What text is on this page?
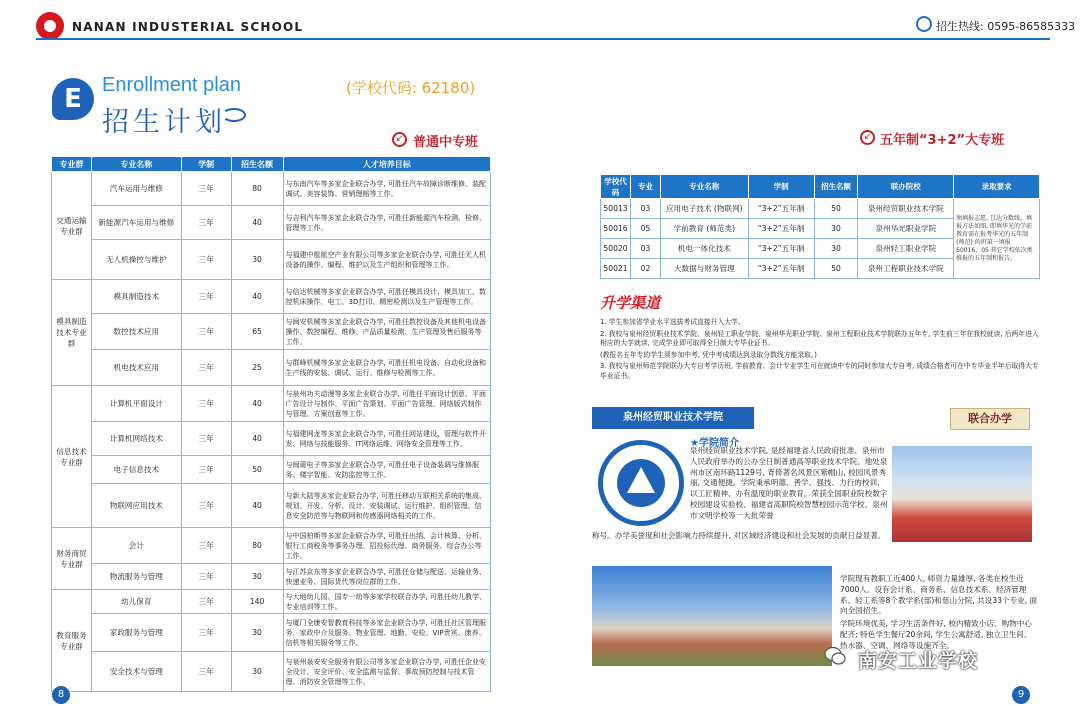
NANAN INDUSTERIAL SCHOOL	招生热线: 0595-86585333
E	Enrollment plan
招生计划
(学校代码: 62180)
↙ 普通中专班
专业群	专业名称	学制	招生名额	人才培养目标
交通运输专业群	汽车运用与维修	三年	80	与东南汽车等多家企业联合办学, 可胜任汽车故障诊断维修、装配调试、美容装饰、营销理赔等工作。
	新能源汽车运用与维修	三年	40	与吉利汽车等多家企业联合办学, 可胜任新能源汽车检测、检修、管理等工作。
	无人机操控与维护	三年	30	与福建中航航空产业有限公司等多家企业联合办学, 可胜任无人机设备的操作、编程、维护以及生产组织和管理等工作。
模具制造技术专业群	模具制造技术	三年	40	与信达机械等多家企业联合办学, 可胜任模具设计、模具加工、数控机床操作、电工、3D打印、精密检测以及生产管理等工作。
	数控技术应用	三年	65	与闽安机械等多家企业联合办学, 可胜任数控设备及其他机电设备操作、数控编程、维修、产品质量检测、生产管理及售后服务等工作。
	机电技术应用	三年	25	与群峰机械等多家企业联合办学, 可胜任机电设备、自动化设备和生产线的安装、调试、运行、维修与检测等工作。
信息技术专业群	计算机平面设计	三年	40	与泉州功夫动漫等多家企业联合办学, 可胜任平面设计创意、平面广告设计与制作、平面广告策划、平面广告管理、网络版式制作与管理、方案创意等工作。
	计算机网络技术	三年	40	与福建网龙等多家企业联合办学, 可胜任网站建设、管理与软件开发、网络与技能服务、IT网络运维、网络安全管理等工作。
	电子信息技术	三年	50	与闽莆电子等多家企业联合办学, 可胜任电子设备装调与维修服务、楼宇智能、安防监控等工作。
	物联网应用技术	三年	40	与新大陆等多家企业联合办学, 可胜任移动互联相关系统的集成、规划、开发、分析、设计、安装调试、运行维护、组织管理、信息安全防范等与物联网和传感器网络相关的工作。
财务商贸专业群	会计	三年	80	与中国柏斯等多家企业联合办学, 可胜任出纳、会计核算、分析、银行工商税务等事务办理、招投标代理、商务服务、综合办公等工作。
	物流服务与管理	三年	30	与江苏京东等多家企业联合办学, 可胜任仓储与配送、运输业务、快递业务、国际货代等岗位群的工作。
教育服务专业群	幼儿保育	三年	140	与大地幼儿园、国专一幼等多家学校联合办学, 可胜任幼儿教学、专业培训等工作。
	家政服务与管理	三年	30	与厦门全康安智教育科技等多家企业联合办学, 可胜任社区管理服务、家政中介及服务、物业管理、地勤、安检、VIP贵宾、康养、信机等相关服务等工作。
	安全技术与管理	三年	30	与泉州泉安安全服务有限公司等多家企业联合办学, 可胜任企业安全设计、安全评价、安全监测与监督、事故预防控制与技术管理、消防安全管理等工作。
↙ 五年制“3+2”大专班
学校代码	专业	专业名称	学制	招生名额	联办院校	录取要求
50013	03	应用电子技术 (物联网)	“3+2”五年制	50	泉州经贸职业技术学院	须填报志愿, 且达分数线。填报方法如图, 即填华光的学前教育需在报考华光的五年制 (师范) 的班第一填报 50016、05 其它学校依次类推报的五年制和报告。
50016	05	学前教育 (师范类)	“3+2”五年制	30	泉州华光职业学院	
50020	03	机电一体化技术	“3+2”五年制	30	泉州轻工职业学院	
50021	02	大数据与财务管理	“3+2”五年制	50	泉州工程职业技术学院	
升学渠道

1. 学生参加省学业水平选拔考试直接升入大学。

2. 我校与泉州经贸职业技术学院、泉州轻工职业学院、泉州华光职业学院、泉州工程职业技术学院联办五年专, 学生前三年在我校就读, 后两年进入相应的大学就读, 完成学业即可取得全日制大专毕业证书。

(教报名五年专的学生须参加中考, 凭中考成绩达到录取分数线方能录取。)

3. 我校与泉州师范学院联办大专自考学历班, 学前教育、会计专业学生可在就读中专的同时参加大专自考, 成绩合格者可在中专毕业半年后取得大专毕业证书。

泉州经贸职业技术学院	联合办学
★学院简介
泉州经贸职业技术学院, 是经福建省人民政府批准、泉州市人民政府举办的公办全日制普通高等职业技术学院。地处泉州市区南环路1129号, 背倚著名风景区紫帽山, 校园风景秀丽, 交通便捷。学院秉承明德、善学、强技、力行的校训, 以工匠精神、办有温度的职业教育。荣获全国职业院校数字校园建设实验校、福建省高职院校智慧校园示范学校、泉州市文明学校等一大批荣誉
称号。办学美誉度和社会影响力持续提升, 对区域经济建设和社会发展的贡献日益显著。

学院现有教职工近400人, 师资力量雄厚, 各类在校生近7000人。设有会计系、商务系、信息技术系、经济管理系、轻工系等8个教学系(部)和慈山分院, 共设33个专业, 面向全国招生。

学院环境优美, 学习生活条件好, 校内精致小店、购物中心配齐; 特色学生餐厅20余间, 学生公寓舒适, 独立卫生间、热水器、空调、网络等设施齐全。

8	9
南安工业学校
